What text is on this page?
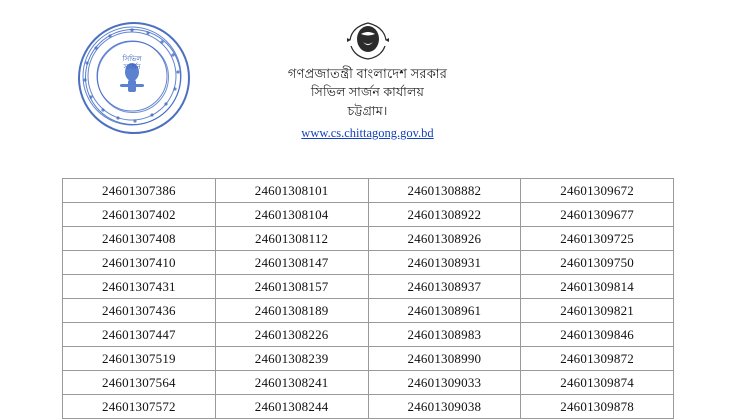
সিভিল
সার্জন	গণপ্রজাতন্ত্রী বাংলাদেশ সরকার
সিভিল সার্জন কার্যালয়
চট্টগ্রাম।
www.cs.chittagong.gov.bd
24601307386	24601308101	24601308882	24601309672
24601307402	24601308104	24601308922	24601309677
24601307408	24601308112	24601308926	24601309725
24601307410	24601308147	24601308931	24601309750
24601307431	24601308157	24601308937	24601309814
24601307436	24601308189	24601308961	24601309821
24601307447	24601308226	24601308983	24601309846
24601307519	24601308239	24601308990	24601309872
24601307564	24601308241	24601309033	24601309874
24601307572	24601308244	24601309038	24601309878
